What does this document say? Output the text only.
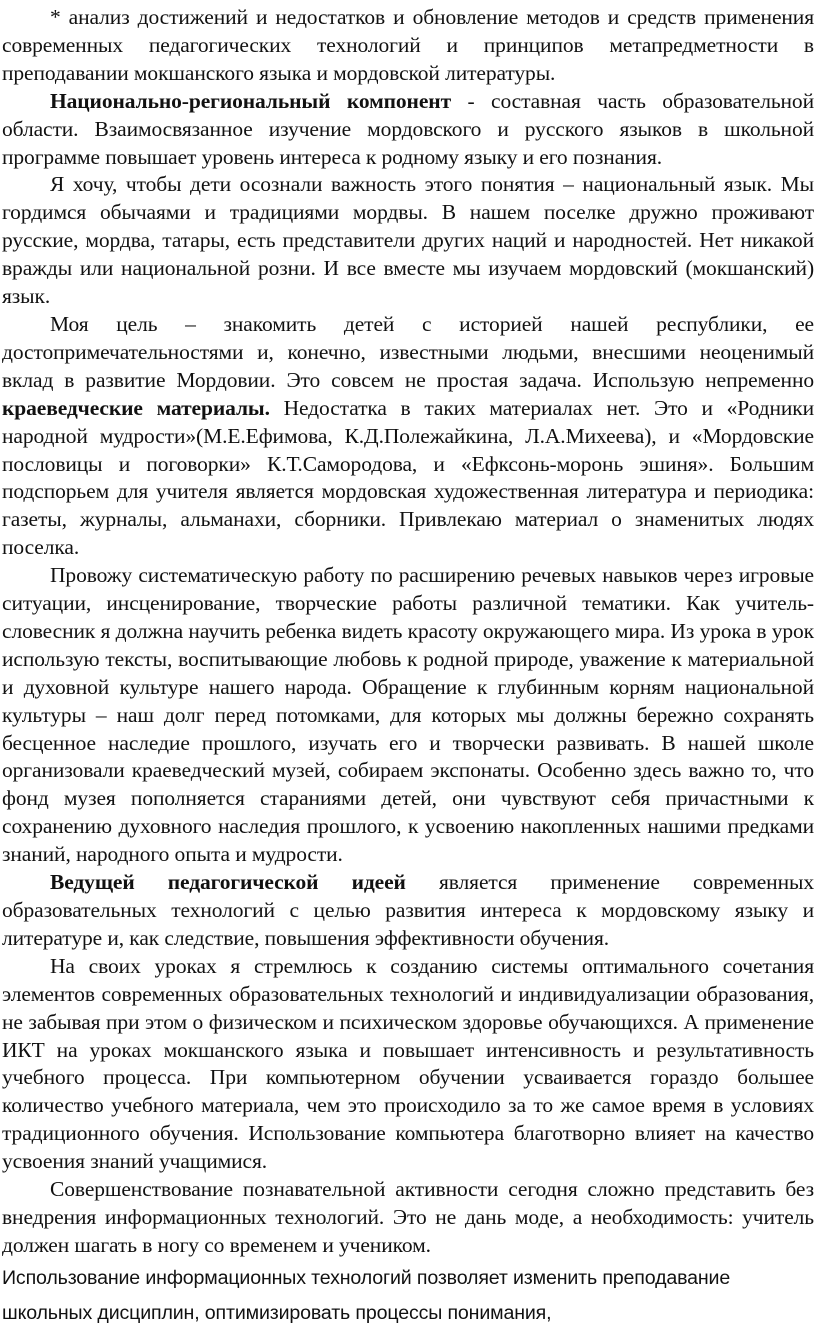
* анализ достижений и недостатков и обновление методов и средств применения современных педагогических технологий и принципов метапредметности в преподавании мокшанского языка и мордовской литературы.

Национально-региональный компонент - составная часть образовательной области. Взаимосвязанное изучение мордовского и русского языков в школьной программе повышает уровень интереса к родному языку и его познания.

Я хочу, чтобы дети осознали важность этого понятия – национальный язык. Мы гордимся обычаями и традициями мордвы. В нашем поселке дружно проживают русские, мордва, татары, есть представители других наций и народностей. Нет никакой вражды или национальной розни. И все вместе мы изучаем мордовский (мокшанский) язык.

Моя цель – знакомить детей с историей нашей республики, ее достопримечательностями и, конечно, известными людьми, внесшими неоценимый вклад в развитие Мордовии. Это совсем не простая задача. Использую непременно краеведческие материалы. Недостатка в таких материалах нет. Это и «Родники народной мудрости»(М.Е.Ефимова, К.Д.Полежайкина, Л.А.Михеева), и «Мордовские пословицы и поговорки» К.Т.Самородова, и «Ефксонь-моронь эшиня». Большим подспорьем для учителя является мордовская художественная литература и периодика: газеты, журналы, альманахи, сборники. Привлекаю материал о знаменитых людях поселка.

Провожу систематическую работу по расширению речевых навыков через игровые ситуации, инсценирование, творческие работы различной тематики. Как учитель-словесник я должна научить ребенка видеть красоту окружающего мира. Из урока в урок использую тексты, воспитывающие любовь к родной природе, уважение к материальной и духовной культуре нашего народа. Обращение к глубинным корням национальной культуры – наш долг перед потомками, для которых мы должны бережно сохранять бесценное наследие прошлого, изучать его и творчески развивать. В нашей школе организовали краеведческий музей, собираем экспонаты. Особенно здесь важно то, что фонд музея пополняется стараниями детей, они чувствуют себя причастными к сохранению духовного наследия прошлого, к усвоению накопленных нашими предками знаний, народного опыта и мудрости.

Ведущей педагогической идеей является применение современных образовательных технологий с целью развития интереса к мордовскому языку и литературе и, как следствие, повышения эффективности обучения.

На своих уроках я стремлюсь к созданию системы оптимального сочетания элементов современных образовательных технологий и индивидуализации образования, не забывая при этом о физическом и психическом здоровье обучающихся. А применение ИКТ на уроках мокшанского языка и повышает интенсивность и результативность учебного процесса. При компьютерном обучении усваивается гораздо большее количество учебного материала, чем это происходило за то же самое время в условиях традиционного обучения. Использование компьютера благотворно влияет на качество усвоения знаний учащимися.

Совершенствование познавательной активности сегодня сложно представить без внедрения информационных технологий. Это не дань моде, а необходимость: учитель должен шагать в ногу со временем и учеником.

Использование информационных технологий позволяет изменить преподавание

школьных дисциплин, оптимизировать процессы понимания,
